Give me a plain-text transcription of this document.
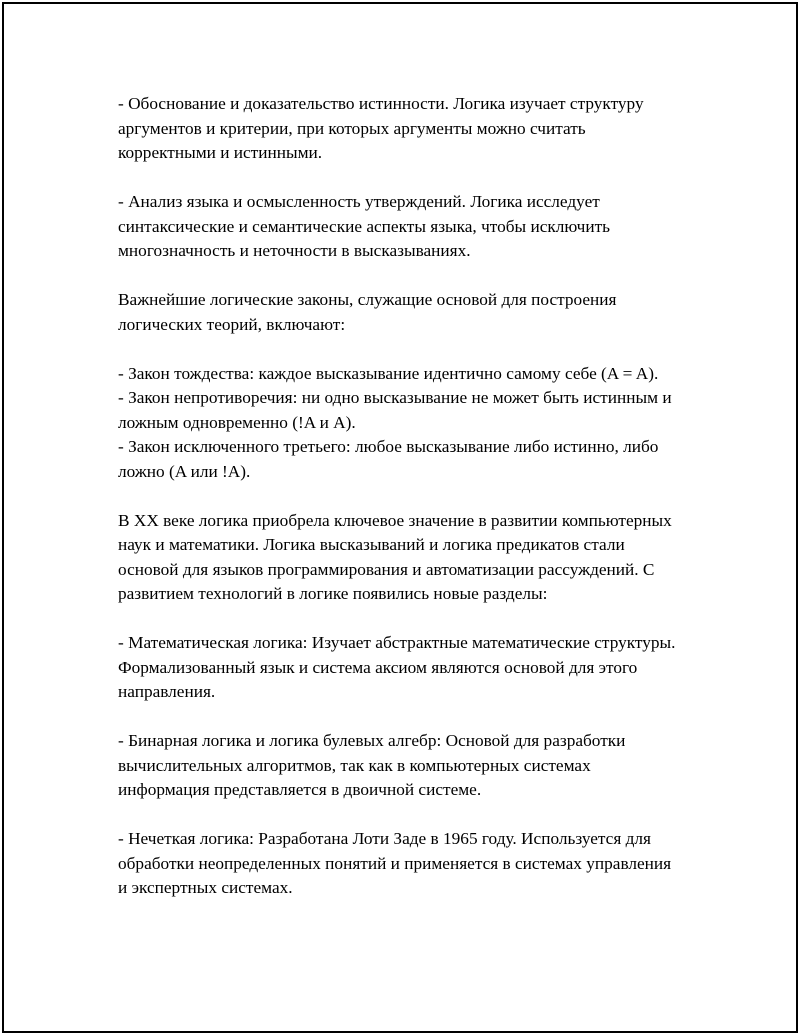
- Обоснование и доказательство истинности. Логика изучает структуру аргументов и критерии, при которых аргументы можно считать корректными и истинными.

- Анализ языка и осмысленность утверждений. Логика исследует синтаксические и семантические аспекты языка, чтобы исключить многозначность и неточности в высказываниях.

Важнейшие логические законы, служащие основой для построения логических теорий, включают:

- Закон тождества: каждое высказывание идентично самому себе (A = A).

- Закон непротиворечия: ни одно высказывание не может быть истинным и ложным одновременно (!A и A).

- Закон исключенного третьего: любое высказывание либо истинно, либо ложно (A или !A).

В XX веке логика приобрела ключевое значение в развитии компьютерных наук и математики. Логика высказываний и логика предикатов стали основой для языков программирования и автоматизации рассуждений. С развитием технологий в логике появились новые разделы:

- Математическая логика: Изучает абстрактные математические структуры. Формализованный язык и система аксиом являются основой для этого направления.

- Бинарная логика и логика булевых алгебр: Основой для разработки вычислительных алгоритмов, так как в компьютерных системах информация представляется в двоичной системе.

- Нечеткая логика: Разработана Лоти Заде в 1965 году. Используется для обработки неопределенных понятий и применяется в системах управления и экспертных системах.
